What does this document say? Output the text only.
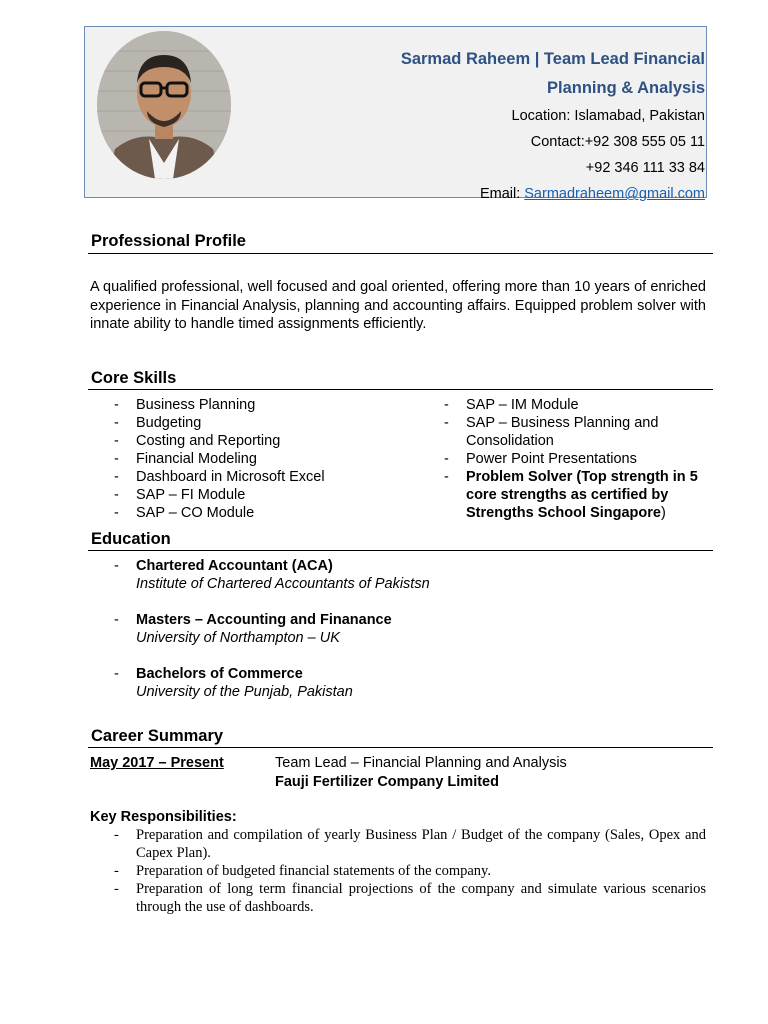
Sarmad Raheem | Team Lead Financial
Planning & Analysis
Location: Islamabad, Pakistan
Contact:+92 308 555 05 11
+92 346 111 33 84
Email: Sarmadraheem@gmail.com
Professional Profile

A qualified professional, well focused and goal oriented, offering more than 10 years of enriched experience in Financial Analysis, planning and accounting affairs. Equipped problem solver with innate ability to handle timed assignments efficiently.

Core Skills
- Business Planning
- Budgeting
- Costing and Reporting
- Financial Modeling
- Dashboard in Microsoft Excel
- SAP – FI Module
- SAP – CO Module
- SAP – IM Module
- SAP – Business Planning and Consolidation
- Power Point Presentations
- Problem Solver (Top strength in 5 core strengths as certified by Strengths School Singapore)
Education
-	Chartered Accountant (ACA)
Institute of Chartered Accountants of Pakistsn
-	Masters – Accounting and Finanance
University of Northampton – UK
-	Bachelors of Commerce
University of the Punjab, Pakistan
Career Summary
May 2017 – Present	Team Lead – Financial Planning and Analysis
Fauji Fertilizer Company Limited
Key Responsibilities:
- Preparation and compilation of yearly Business Plan / Budget of the company (Sales, Opex and Capex Plan).
- Preparation of budgeted financial statements of the company.
- Preparation of long term financial projections of the company and simulate various scenarios through the use of dashboards.
